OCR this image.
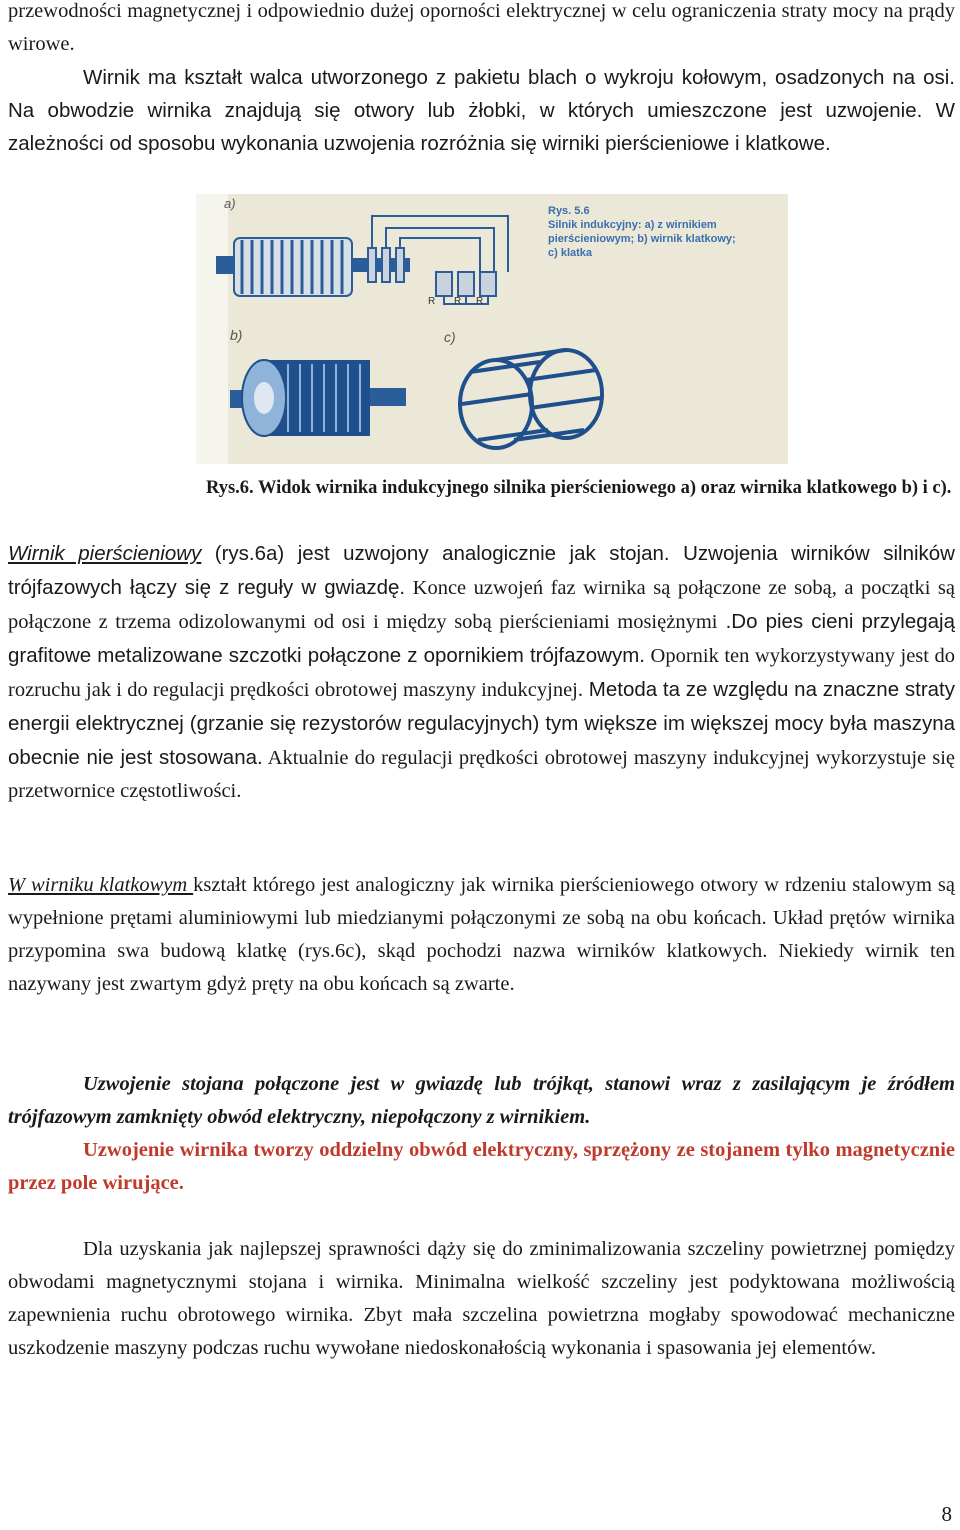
przewodności magnetycznej i odpowiednio dużej oporności elektrycznej w celu ograniczenia straty mocy na prądy wirowe.

Wirnik ma kształt walca utworzonego z pakietu blach o wykroju kołowym, osadzonych na osi. Na obwodzie wirnika znajdują się otwory lub żłobki, w których umieszczone jest uzwojenie. W zależności od sposobu wykonania uzwojenia rozróżnia się wirniki pierścieniowe i klatkowe.

a)
b)	c)
Rys. 5.6
Silnik indukcyjny: a) z wirnikiem
pierścieniowym; b) wirnik klatkowy;
c) klatka
R R R
Rys.6. Widok wirnika indukcyjnego silnika pierścieniowego a) oraz wirnika klatkowego b) i c).

Wirnik pierścieniowy (rys.6a) jest uzwojony analogicznie jak stojan. Uzwojenia wirników silników trójfazowych łączy się z reguły w gwiazdę. Konce uzwojeń faz wirnika są połączone ze sobą, a początki są połączone z trzema odizolowanymi od osi i między sobą pierścieniami mosiężnymi .Do pies cieni przylegają grafitowe metalizowane szczotki połączone z opornikiem trójfazowym. Opornik ten wykorzystywany jest do rozruchu jak i do regulacji prędkości obrotowej maszyny indukcyjnej. Metoda ta ze względu na znaczne straty energii elektrycznej (grzanie się rezystorów regulacyjnych) tym większe im większej mocy była maszyna obecnie nie jest stosowana. Aktualnie do regulacji prędkości obrotowej maszyny indukcyjnej wykorzystuje się przetwornice częstotliwości.

W wirniku klatkowym kształt którego jest analogiczny jak wirnika pierścieniowego otwory w rdzeniu stalowym są wypełnione prętami aluminiowymi lub miedzianymi połączonymi ze sobą na obu końcach. Układ prętów wirnika przypomina swa budową klatkę (rys.6c), skąd pochodzi nazwa wirników klatkowych. Niekiedy wirnik ten nazywany jest zwartym gdyż pręty na obu końcach są zwarte.

Uzwojenie stojana połączone jest w gwiazdę lub trójkąt, stanowi wraz z zasilającym je źródłem trójfazowym zamknięty obwód elektryczny, niepołączony z wirnikiem.

Uzwojenie wirnika tworzy oddzielny obwód elektryczny, sprzężony ze stojanem tylko magnetycznie przez pole wirujące.

Dla uzyskania jak najlepszej sprawności dąży się do zminimalizowania szczeliny powietrznej pomiędzy obwodami magnetycznymi stojana i wirnika. Minimalna wielkość szczeliny jest podyktowana możliwością zapewnienia ruchu obrotowego wirnika. Zbyt mała szczelina powietrzna mogłaby spowodować mechaniczne uszkodzenie maszyny podczas ruchu wywołane niedoskonałością wykonania i spasowania jej elementów.

8
